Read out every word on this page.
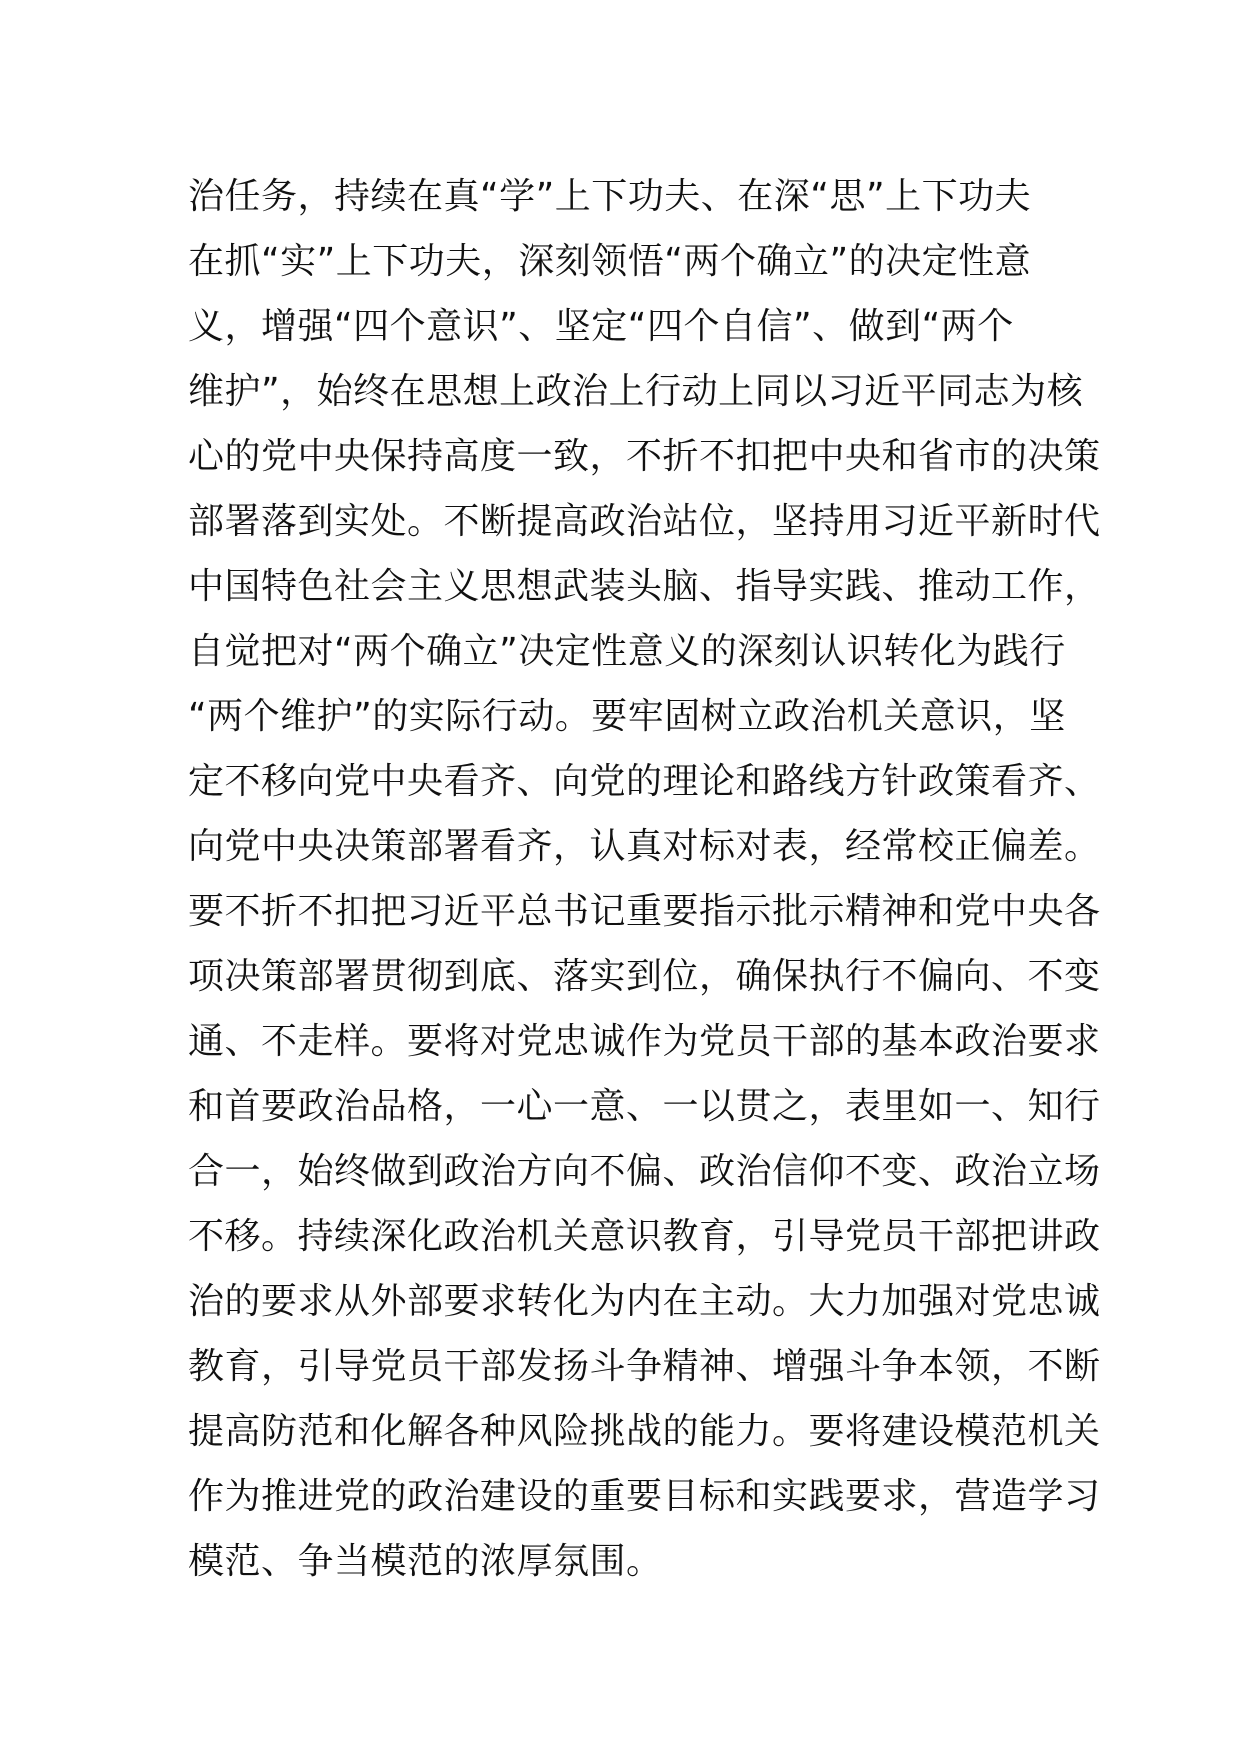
治任务，持续在真“学”上下功夫、在深“思”上下功夫
在抓“实”上下功夫，深刻领悟“两个确立”的决定性意
义，增强“四个意识”、坚定“四个自信”、做到“两个
维护”，始终在思想上政治上行动上同以习近平同志为核
心的党中央保持高度一致，不折不扣把中央和省市的决策
部署落到实处。不断提高政治站位，坚持用习近平新时代
中国特色社会主义思想武装头脑、指导实践、推动工作，
自觉把对“两个确立”决定性意义的深刻认识转化为践行
“两个维护”的实际行动。要牢固树立政治机关意识，坚
定不移向党中央看齐、向党的理论和路线方针政策看齐、
向党中央决策部署看齐，认真对标对表，经常校正偏差。
要不折不扣把习近平总书记重要指示批示精神和党中央各
项决策部署贯彻到底、落实到位，确保执行不偏向、不变
通、不走样。要将对党忠诚作为党员干部的基本政治要求
和首要政治品格，一心一意、一以贯之，表里如一、知行
合一，始终做到政治方向不偏、政治信仰不变、政治立场
不移。持续深化政治机关意识教育，引导党员干部把讲政
治的要求从外部要求转化为内在主动。大力加强对党忠诚
教育，引导党员干部发扬斗争精神、增强斗争本领，不断
提高防范和化解各种风险挑战的能力。要将建设模范机关
作为推进党的政治建设的重要目标和实践要求，营造学习
模范、争当模范的浓厚氛围。
